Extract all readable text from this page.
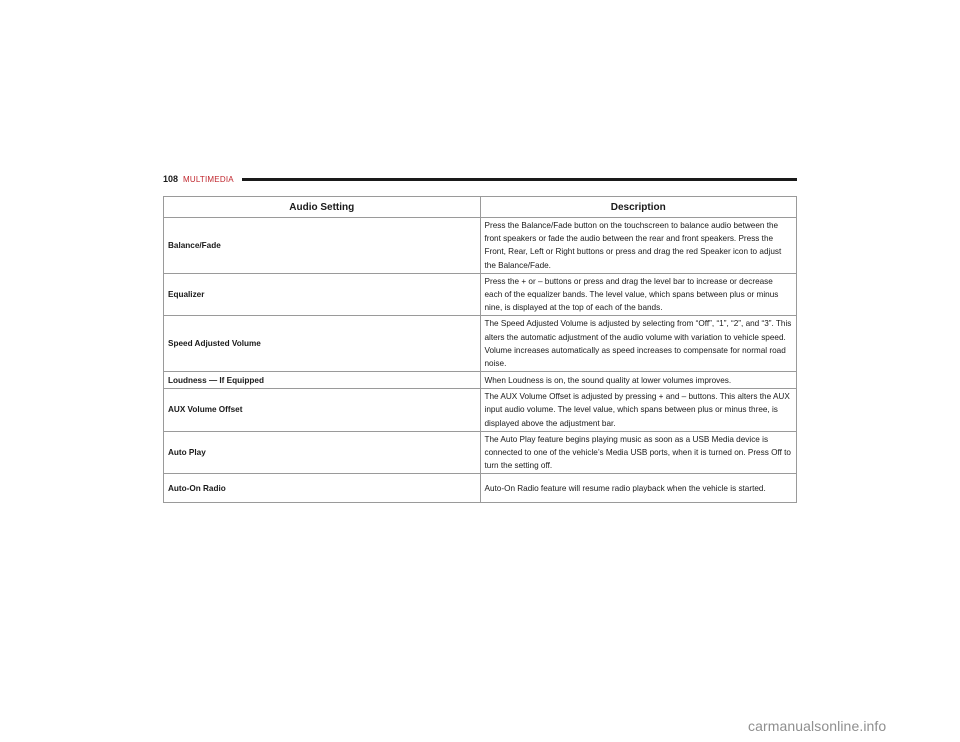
108 MULTIMEDIA
Audio Setting	Description
Balance/Fade	Press the Balance/Fade button on the touchscreen to balance audio between the front speakers or fade the audio between the rear and front speakers. Press the Front, Rear, Left or Right buttons or press and drag the red Speaker icon to adjust the Balance/Fade.
Equalizer	Press the + or – buttons or press and drag the level bar to increase or decrease each of the equalizer bands. The level value, which spans between plus or minus nine, is displayed at the top of each of the bands.
Speed Adjusted Volume	The Speed Adjusted Volume is adjusted by selecting from “Off”, “1”, “2”, and “3”. This alters the automatic adjustment of the audio volume with variation to vehicle speed. Volume increases automatically as speed increases to compensate for normal road noise.
Loudness — If Equipped	When Loudness is on, the sound quality at lower volumes improves.
AUX Volume Offset	The AUX Volume Offset is adjusted by pressing + and – buttons. This alters the AUX input audio volume. The level value, which spans between plus or minus three, is displayed above the adjustment bar.
Auto Play	The Auto Play feature begins playing music as soon as a USB Media device is connected to one of the vehicle’s Media USB ports, when it is turned on. Press Off to turn the setting off.
Auto-On Radio	Auto-On Radio feature will resume radio playback when the vehicle is started.
carmanualsonline.info
